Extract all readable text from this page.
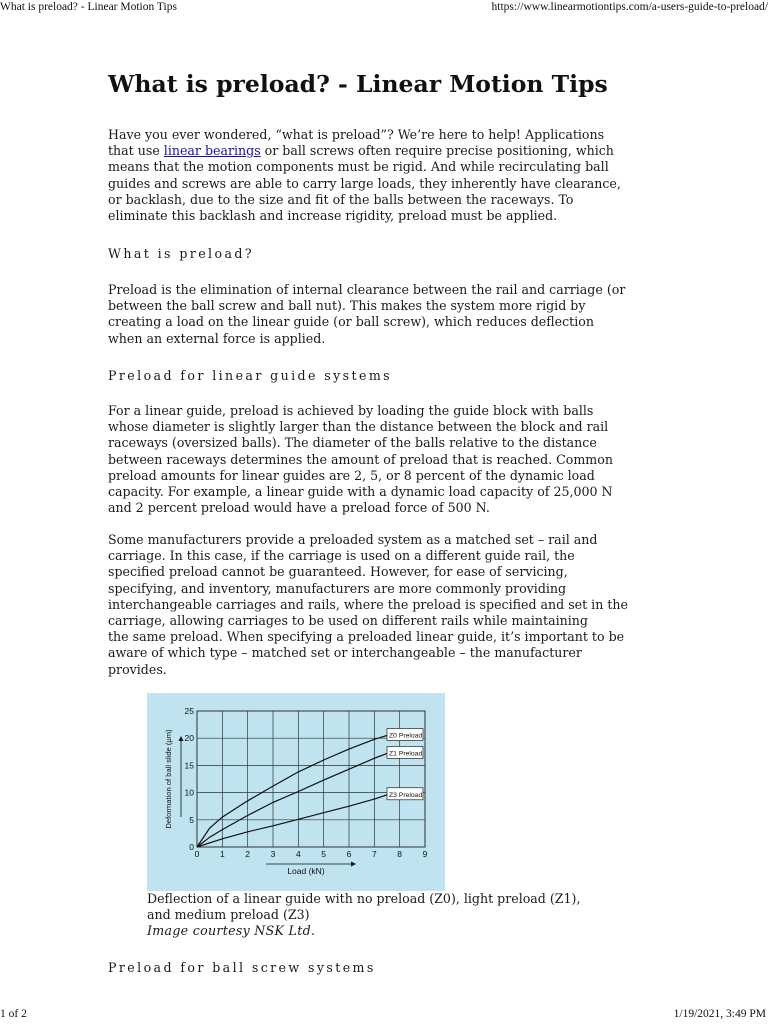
What is preload? - Linear Motion Tips	https://www.linearmotiontips.com/a-users-guide-to-preload/
What is preload? - Linear Motion Tips
Have you ever wondered, “what is preload”? We’re here to help! Applications
that use linear bearings or ball screws often require precise positioning, which
means that the motion components must be rigid. And while recirculating ball
guides and screws are able to carry large loads, they inherently have clearance,
or backlash, due to the size and fit of the balls between the raceways. To
eliminate this backlash and increase rigidity, preload must be applied.
What is preload?
Preload is the elimination of internal clearance between the rail and carriage (or
between the ball screw and ball nut). This makes the system more rigid by
creating a load on the linear guide (or ball screw), which reduces deflection
when an external force is applied.
Preload for linear guide systems
For a linear guide, preload is achieved by loading the guide block with balls
whose diameter is slightly larger than the distance between the block and rail
raceways (oversized balls). The diameter of the balls relative to the distance
between raceways determines the amount of preload that is reached. Common
preload amounts for linear guides are 2, 5, or 8 percent of the dynamic load
capacity. For example, a linear guide with a dynamic load capacity of 25,000 N
and 2 percent preload would have a preload force of 500 N.
Some manufacturers provide a preloaded system as a matched set – rail and
carriage. In this case, if the carriage is used on a different guide rail, the
specified preload cannot be guaranteed. However, for ease of servicing,
specifying, and inventory, manufacturers are more commonly providing
interchangeable carriages and rails, where the preload is specified and set in the
carriage, allowing carriages to be used on different rails while maintaining
the same preload. When specifying a preloaded linear guide, it’s important to be
aware of which type – matched set or interchangeable – the manufacturer
provides.
Preload for ball screw systems
0 1 2 3 4 5 6 7 8 9
0
5
10
15
20
25
Z0 Preload
Z1 Preload
Z3 Preload
Load (kN)
Deformation of ball slide (μm)
Deflection of a linear guide with no preload (Z0), light preload (Z1),
and medium preload (Z3)
Image courtesy NSK Ltd.
1 of 2	1/19/2021, 3:49 PM
